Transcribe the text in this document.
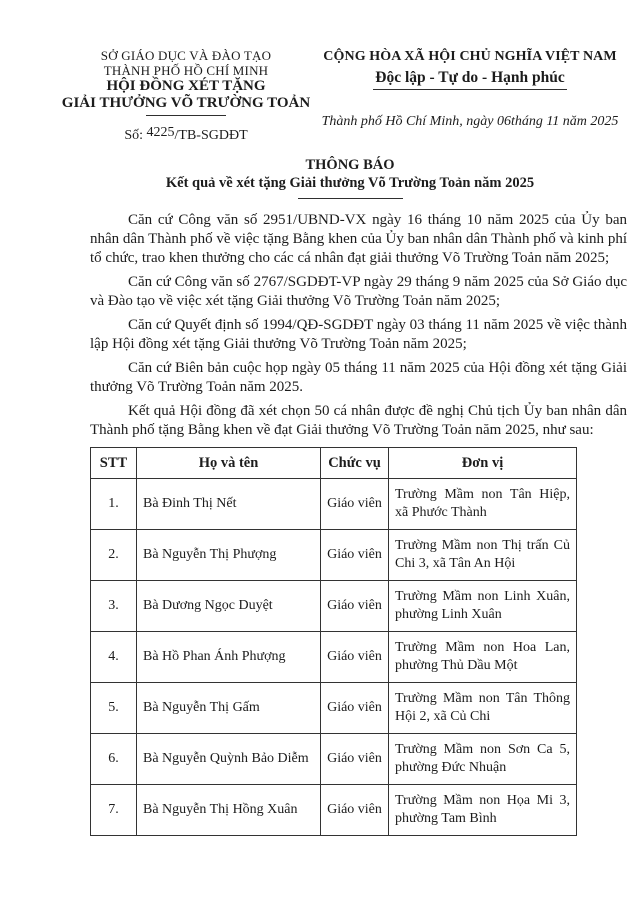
SỞ GIÁO DỤC VÀ ĐÀO TẠO
THÀNH PHỐ HỒ CHÍ MINH
HỘI ĐỒNG XÉT TẶNG
GIẢI THƯỞNG VÕ TRƯỜNG TOẢN
Số: 4225/TB-SGDĐT
CỘNG HÒA XÃ HỘI CHỦ NGHĨA VIỆT NAM
Độc lập - Tự do - Hạnh phúc
Thành phố Hồ Chí Minh, ngày 06tháng 11 năm 2025
THÔNG BÁO
Kết quả về xét tặng Giải thưởng Võ Trường Toản năm 2025

Căn cứ Công văn số 2951/UBND-VX ngày 16 tháng 10 năm 2025 của Ủy ban nhân dân Thành phố về việc tặng Bằng khen của Ủy ban nhân dân Thành phố và kinh phí tổ chức, trao khen thưởng cho các cá nhân đạt giải thưởng Võ Trường Toản năm 2025;

Căn cứ Công văn số 2767/SGDĐT-VP ngày 29 tháng 9 năm 2025 của Sở Giáo dục và Đào tạo về việc xét tặng Giải thưởng Võ Trường Toản năm 2025;

Căn cứ Quyết định số 1994/QĐ-SGDĐT ngày 03 tháng 11 năm 2025 về việc thành lập Hội đồng xét tặng Giải thưởng Võ Trường Toản năm 2025;

Căn cứ Biên bản cuộc họp ngày 05 tháng 11 năm 2025 của Hội đồng xét tặng Giải thưởng Võ Trường Toản năm 2025.

Kết quả Hội đồng đã xét chọn 50 cá nhân được đề nghị Chủ tịch Ủy ban nhân dân Thành phố tặng Bằng khen về đạt Giải thưởng Võ Trường Toản năm 2025, như sau:

STT	Họ và tên	Chức vụ	Đơn vị
1.	Bà Đinh Thị Nết	Giáo viên	Trường Mầm non Tân Hiệp, xã Phước Thành
2.	Bà Nguyễn Thị Phượng	Giáo viên	Trường Mầm non Thị trấn Củ Chi 3, xã Tân An Hội
3.	Bà Dương Ngọc Duyệt	Giáo viên	Trường Mầm non Linh Xuân, phường Linh Xuân
4.	Bà Hồ Phan Ánh Phượng	Giáo viên	Trường Mầm non Hoa Lan, phường Thủ Dầu Một
5.	Bà Nguyễn Thị Gấm	Giáo viên	Trường Mầm non Tân Thông Hội 2, xã Củ Chi
6.	Bà Nguyễn Quỳnh Bảo Diễm	Giáo viên	Trường Mầm non Sơn Ca 5, phường Đức Nhuận
7.	Bà Nguyễn Thị Hồng Xuân	Giáo viên	Trường Mầm non Họa Mi 3, phường Tam Bình
